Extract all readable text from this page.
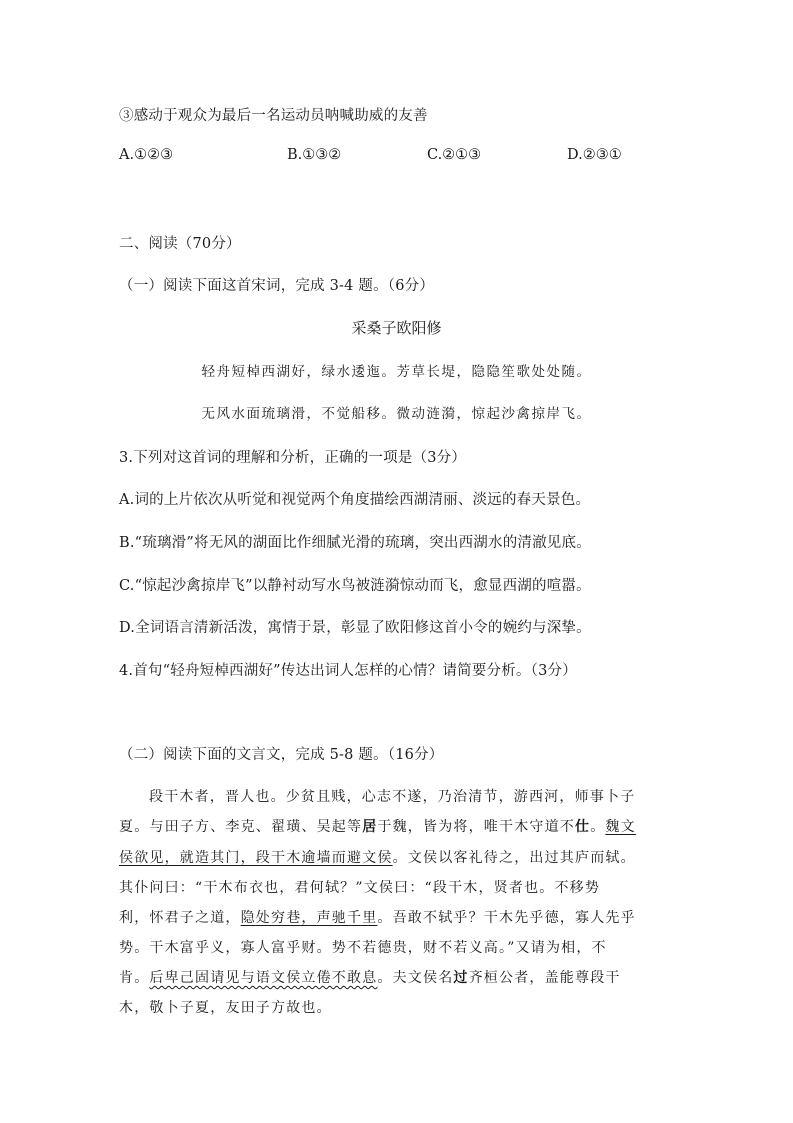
③感动于观众为最后一名运动员呐喊助威的友善
A.①②③	B.①③②	C.②①③	D.②③①
二、阅读（70分）
（一）阅读下面这首宋词，完成 3-4 题。（6分）
采桑子欧阳修
轻舟短棹西湖好，绿水逶迤。芳草长堤，隐隐笙歌处处随。
无风水面琉璃滑，不觉船移。微动涟漪，惊起沙禽掠岸飞。
3.下列对这首词的理解和分析，正确的一项是（3分）
A.词的上片依次从听觉和视觉两个角度描绘西湖清丽、淡远的春天景色。
B.“琉璃滑”将无风的湖面比作细腻光滑的琉璃，突出西湖水的清澈见底。
C.“惊起沙禽掠岸飞”以静衬动写水鸟被涟漪惊动而飞，愈显西湖的喧嚣。
D.全词语言清新活泼，寓情于景，彰显了欧阳修这首小令的婉约与深挚。
4.首句“轻舟短棹西湖好”传达出词人怎样的心情？请简要分析。（3分）
（二）阅读下面的文言文，完成 5-8 题。（16分）
段干木者，晋人也。少贫且贱，心志不遂，乃治清节，游西河，师事卜子
夏。与田子方、李克、翟璜、吴起等居于魏，皆为将，唯干木守道不仕。魏文
侯欲见，就造其门，段干木逾墙而避文侯。文侯以客礼待之，出过其庐而轼。
其仆问曰：“干木布衣也，君何轼？”文侯曰：“段干木，贤者也。不移势
利，怀君子之道，隐处穷巷，声驰千里。吾敢不轼乎？干木先乎德，寡人先乎
势。干木富乎义，寡人富乎财。势不若德贵，财不若义高。”又请为相，不
肯。后卑己固请见与语文侯立倦不敢息。夫文侯名过齐桓公者，盖能尊段干
木，敬卜子夏，友田子方故也。
